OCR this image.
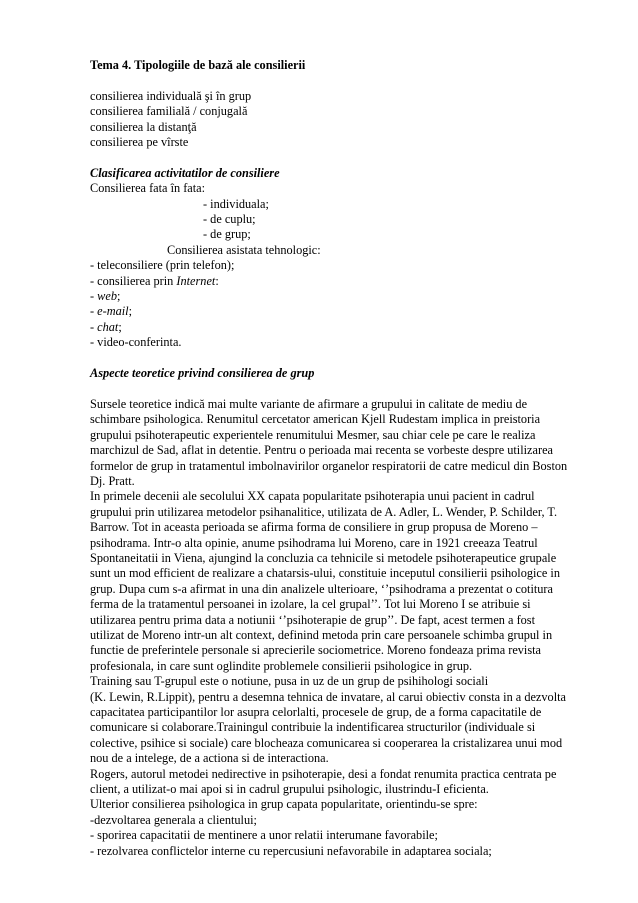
Tema 4. Tipologiile de bază ale consilierii
consilierea individuală şi în grup
consilierea familială / conjugală
consilierea la distanţă
consilierea pe vîrste
Clasificarea activitatilor de consiliere
Consilierea fata în fata:
- individuala;
- de cuplu;
- de grup;
Consilierea asistata tehnologic:
- teleconsiliere (prin telefon);
- consilierea prin Internet:
- web;
- e-mail;
- chat;
- video-conferinta.
Aspecte teoretice privind consilierea de grup
Sursele teoretice indică mai multe variante de afirmare a grupului in calitate de mediu de
schimbare psihologica. Renumitul cercetator american Kjell Rudestam implica in preistoria
grupului psihoterapeutic experientele renumitului Mesmer, sau chiar cele pe care le realiza
marchizul de Sad, aflat in detentie. Pentru o perioada mai recenta se vorbeste despre utilizarea
formelor de grup in tratamentul imbolnavirilor organelor respiratorii de catre medicul din Boston
Dj. Pratt.
In primele decenii ale secolului XX capata popularitate psihoterapia unui pacient in cadrul
grupului prin utilizarea metodelor psihanalitice, utilizata de A. Adler, L. Wender, P. Schilder, T.
Barrow. Tot in aceasta perioada se afirma forma de consiliere in grup propusa de Moreno –
psihodrama. Intr-o alta opinie, anume psihodrama lui Moreno, care in 1921 creeaza Teatrul
Spontaneitatii in Viena, ajungind la concluzia ca tehnicile si metodele psihoterapeutice grupale
sunt un mod efficient de realizare a chatarsis-ului, constituie inceputul consilierii psihologice in
grup. Dupa cum s-a afirmat in una din analizele ulterioare, ‘’psihodrama a prezentat o cotitura
ferma de la tratamentul persoanei in izolare, la cel grupal’’. Tot lui Moreno I se atribuie si
utilizarea pentru prima data a notiunii ‘’psihoterapie de grup’’. De fapt, acest termen a fost
utilizat de Moreno intr-un alt context, definind metoda prin care persoanele schimba grupul in
functie de preferintele personale si aprecierile sociometrice. Moreno fondeaza prima revista
profesionala, in care sunt oglindite problemele consilierii psihologice in grup.
Training sau T-grupul este o notiune, pusa in uz de un grup de psihihologi sociali
(K. Lewin, R.Lippit), pentru a desemna tehnica de invatare, al carui obiectiv consta in a dezvolta
capacitatea participantilor lor asupra celorlalti, procesele de grup, de a forma capacitatile de
comunicare si colaborare.Trainingul contribuie la indentificarea structurilor (individuale si
colective, psihice si sociale) care blocheaza comunicarea si cooperarea la cristalizarea unui mod
nou de a intelege, de a actiona si de interactiona.
Rogers, autorul metodei nedirective in psihoterapie, desi a fondat renumita practica centrata pe
client, a utilizat-o mai apoi si in cadrul grupului psihologic, ilustrindu-I eficienta.
Ulterior consilierea psihologica in grup capata popularitate, orientindu-se spre:
-dezvoltarea generala a clientului;
- sporirea capacitatii de mentinere a unor relatii interumane favorabile;
- rezolvarea conflictelor interne cu repercusiuni nefavorabile in adaptarea sociala;
